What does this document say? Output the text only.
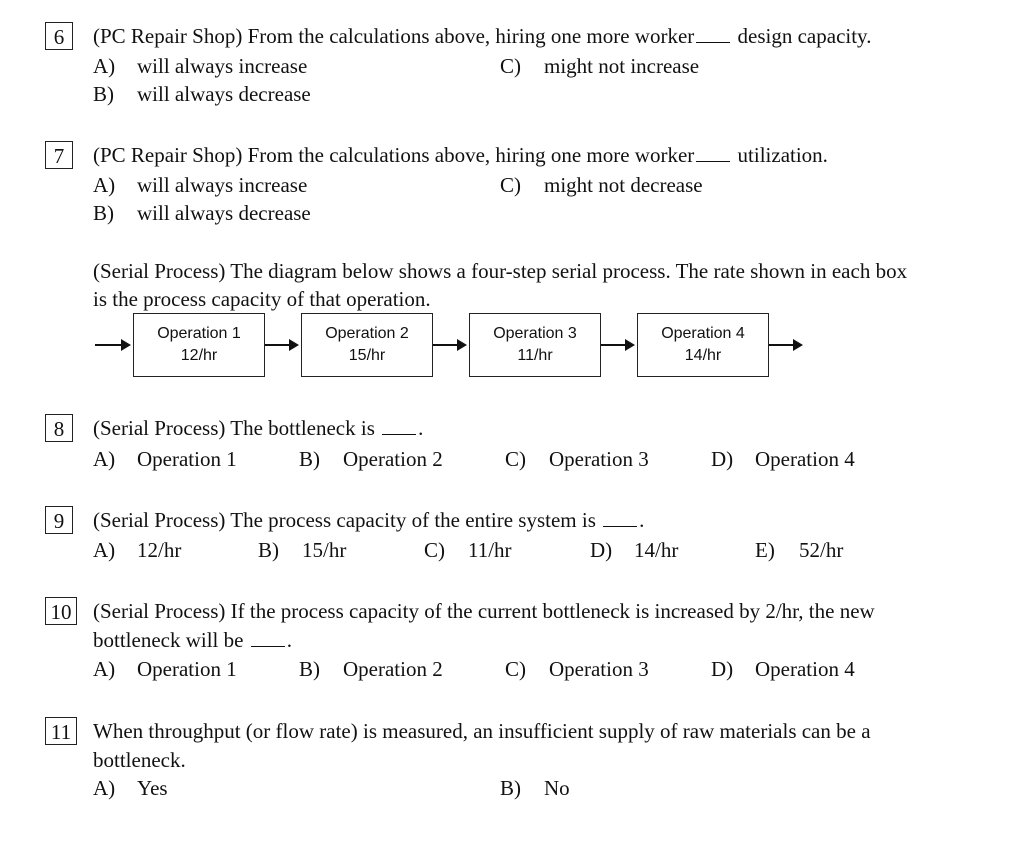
6	(PC Repair Shop) From the calculations above, hiring one more worker design capacity.
A) will always increase
B) will always decrease
C) might not increase
7	(PC Repair Shop) From the calculations above, hiring one more worker utilization.
A) will always increase
B) will always decrease
C) might not decrease
(Serial Process) The diagram below shows a four-step serial process. The rate shown in each box
is the process capacity of that operation.
Operation 1
12/hr
Operation 2
15/hr
Operation 3
11/hr
Operation 4
14/hr
8	(Serial Process) The bottleneck is .
A) Operation 1	B) Operation 2	C) Operation 3	D) Operation 4
9	(Serial Process) The process capacity of the entire system is .
A) 12/hr	B) 15/hr	C) 11/hr	D) 14/hr	E) 52/hr
10 (Serial Process) If the process capacity of the current bottleneck is increased by 2/hr, the new
bottleneck will be .
A) Operation 1	B) Operation 2	C) Operation 3	D) Operation 4
11 When throughput (or flow rate) is measured, an insufficient supply of raw materials can be a
bottleneck.
A) Yes	B) No
